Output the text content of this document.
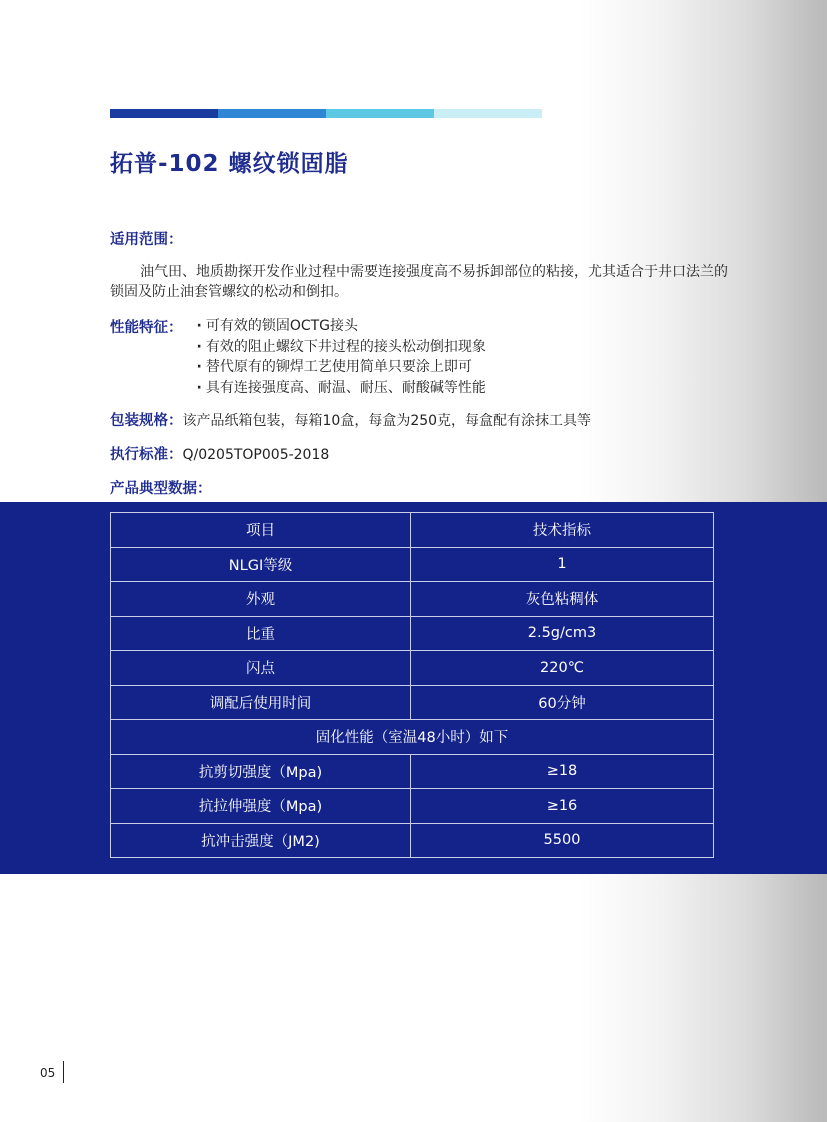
拓普-102 螺纹锁固脂
适用范围：
油气田、地质勘探开发作业过程中需要连接强度高不易拆卸部位的粘接，尤其适合于井口法兰的锁固及防止油套管螺纹的松动和倒扣。
性能特征：	· 可有效的锁固OCTG接头
· 有效的阻止螺纹下井过程的接头松动倒扣现象
· 替代原有的铆焊工艺使用简单只要涂上即可
· 具有连接强度高、耐温、耐压、耐酸碱等性能
包装规格：该产品纸箱包装，每箱10盒，每盒为250克，每盒配有涂抹工具等
执行标准：Q/0205TOP005-2018
产品典型数据：
项目	技术指标
NLGI等级	1
外观	灰色粘稠体
比重	2.5g/cm3
闪点	220℃
调配后使用时间	60分钟
固化性能（室温48小时）如下	
抗剪切强度（Mpa)	≥18
抗拉伸强度（Mpa)	≥16
抗冲击强度（JM2)	5500
05
